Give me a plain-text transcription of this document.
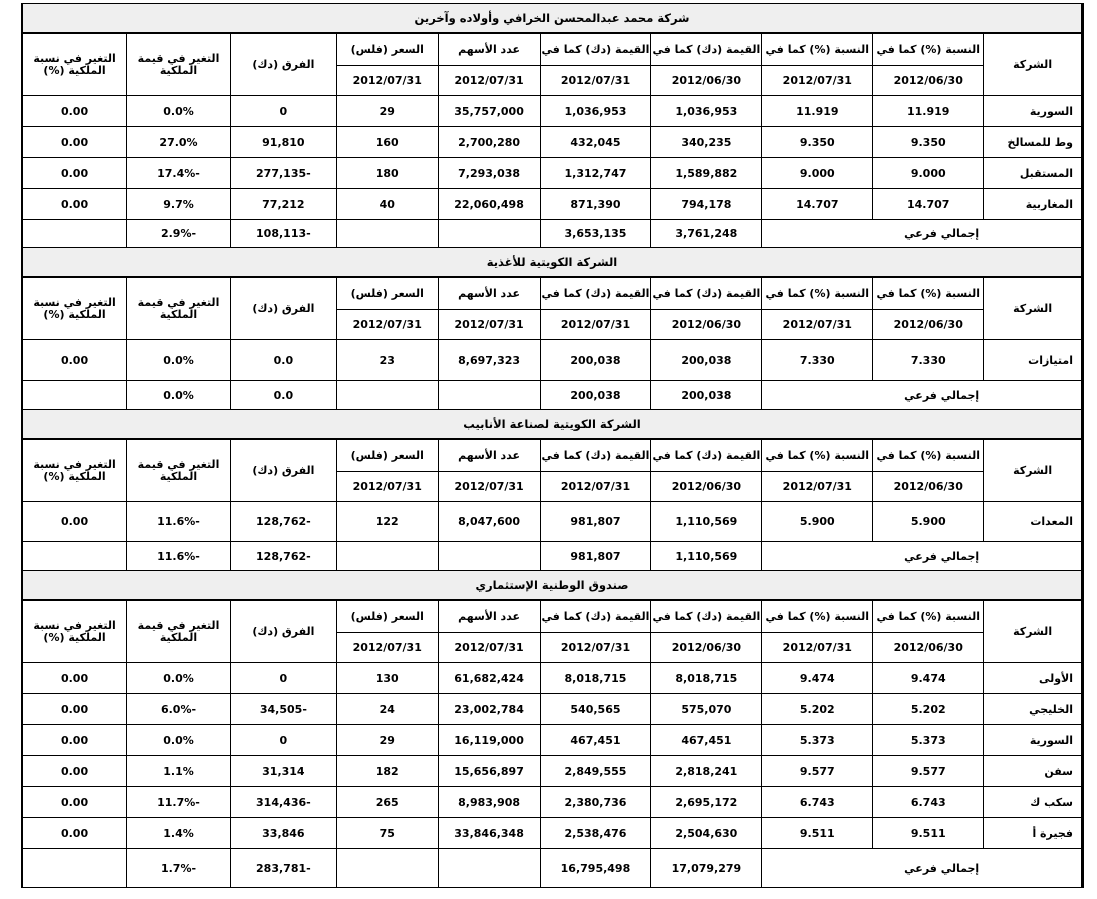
شركة محمد عبدالمحسن الخرافي وأولاده وآخرين									
الشركة	النسبة (%) كما في	النسبة (%) كما في	القيمة (دك) كما في	القيمة (دك) كما في	عدد الأسهم	السعر (فلس)	الفرق (دك)	التغير في قيمة الملكية	التغير في نسبة الملكية (%)
	2012/06/30	2012/07/31	2012/06/30	2012/07/31	2012/07/31	2012/07/31			
السورية	11.919	11.919	1,036,953	1,036,953	35,757,000	29	0	0.0%	0.00
وط للمسالخ	9.350	9.350	340,235	432,045	2,700,280	160	91,810	27.0%	0.00
المستقبل	9.000	9.000	1,589,882	1,312,747	7,293,038	180	-277,135	-17.4%	0.00
المغاربية	14.707	14.707	794,178	871,390	22,060,498	40	77,212	9.7%	0.00
إجمالي فرعي			3,761,248	3,653,135			-108,113	-2.9%	
الشركة الكويتية للأغذية									
الشركة	النسبة (%) كما في	النسبة (%) كما في	القيمة (دك) كما في	القيمة (دك) كما في	عدد الأسهم	السعر (فلس)	الفرق (دك)	التغير في قيمة الملكية	التغير في نسبة الملكية (%)
	2012/06/30	2012/07/31	2012/06/30	2012/07/31	2012/07/31	2012/07/31			
امتيازات	7.330	7.330	200,038	200,038	8,697,323	23	0.0	0.0%	0.00
إجمالي فرعي			200,038	200,038			0.0	0.0%	
الشركة الكويتية لصناعة الأنابيب									
الشركة	النسبة (%) كما في	النسبة (%) كما في	القيمة (دك) كما في	القيمة (دك) كما في	عدد الأسهم	السعر (فلس)	الفرق (دك)	التغير في قيمة الملكية	التغير في نسبة الملكية (%)
	2012/06/30	2012/07/31	2012/06/30	2012/07/31	2012/07/31	2012/07/31			
المعدات	5.900	5.900	1,110,569	981,807	8,047,600	122	-128,762	-11.6%	0.00
إجمالي فرعي			1,110,569	981,807			-128,762	-11.6%	
صندوق الوطنية الإستثماري									
الشركة	النسبة (%) كما في	النسبة (%) كما في	القيمة (دك) كما في	القيمة (دك) كما في	عدد الأسهم	السعر (فلس)	الفرق (دك)	التغير في قيمة الملكية	التغير في نسبة الملكية (%)
	2012/06/30	2012/07/31	2012/06/30	2012/07/31	2012/07/31	2012/07/31			
الأولى	9.474	9.474	8,018,715	8,018,715	61,682,424	130	0	0.0%	0.00
الخليجي	5.202	5.202	575,070	540,565	23,002,784	24	-34,505	-6.0%	0.00
السورية	5.373	5.373	467,451	467,451	16,119,000	29	0	0.0%	0.00
سفن	9.577	9.577	2,818,241	2,849,555	15,656,897	182	31,314	1.1%	0.00
سكب ك	6.743	6.743	2,695,172	2,380,736	8,983,908	265	-314,436	-11.7%	0.00
فجيرة أ	9.511	9.511	2,504,630	2,538,476	33,846,348	75	33,846	1.4%	0.00
إجمالي فرعي			17,079,279	16,795,498			-283,781	-1.7%	
